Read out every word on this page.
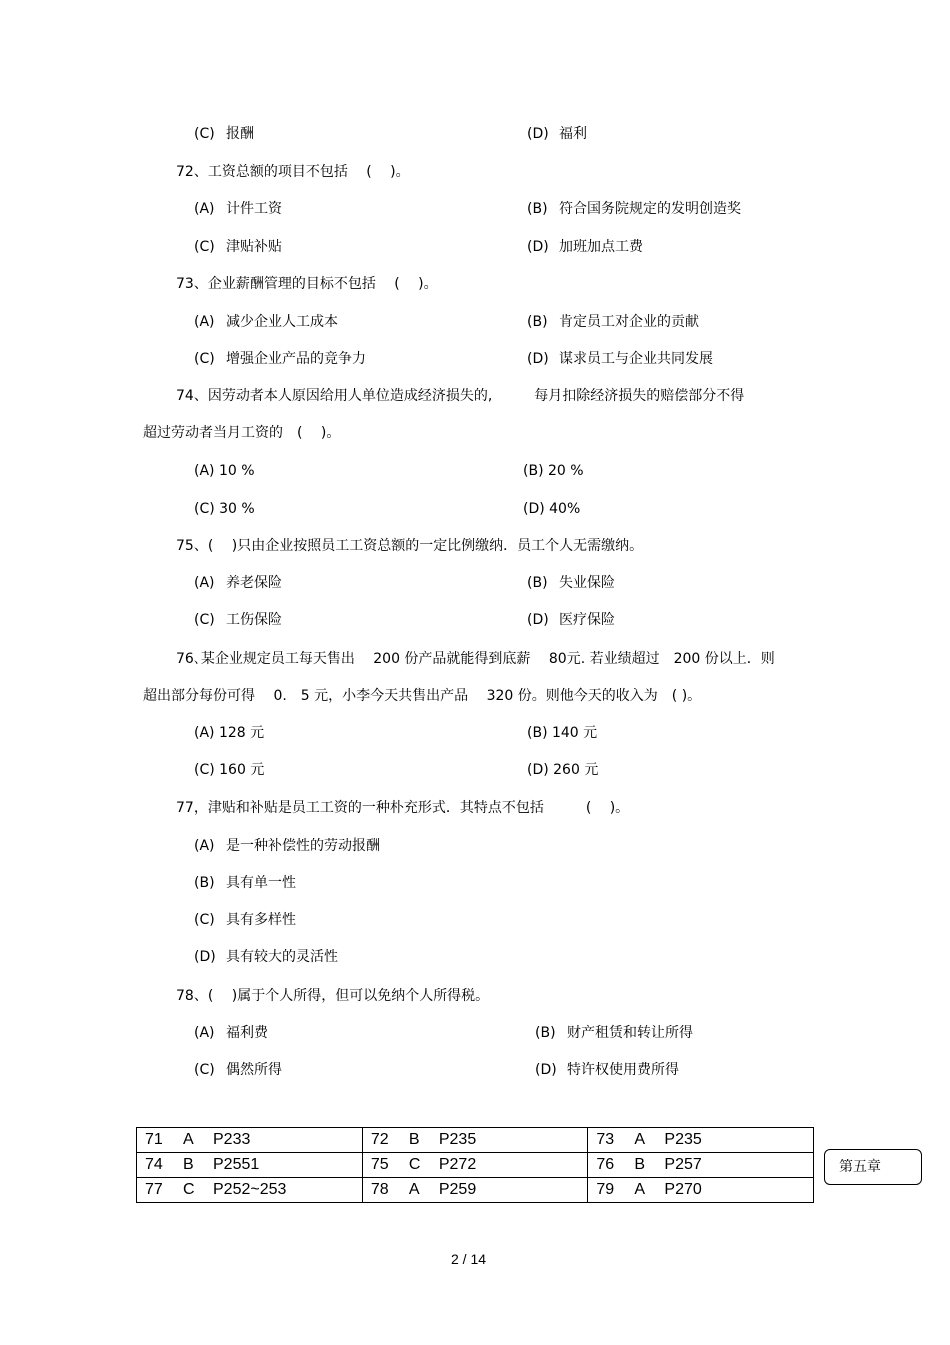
(C) 报酬	(D) 福利
72、工资总额的项目不包括　 (　 )。
(A) 计件工资	(B) 符合国务院规定的发明创造奖
(C) 津贴补贴	(D) 加班加点工费
73、企业薪酬管理的目标不包括　 (　 )。
(A) 减少企业人工成本	(B) 肯定员工对企业的贡献
(C) 增强企业产品的竞争力	(D) 谋求员工与企业共同发展
74、因劳动者本人原因给用人单位造成经济损失的,　　　每月扣除经济损失的赔偿部分不得
超过劳动者当月工资的　(　 )。
(A) 10 %	(B) 20 %
(C) 30 %	(D) 40%
75、(　 )只由企业按照员工工资总额的一定比例缴纳．员工个人无需缴纳。
(A) 养老保险	(B) 失业保险
(C) 工伤保险	(D) 医疗保险
76､某企业规定员工每天售出　 200 份产品就能得到底薪　 80元. 若业绩超过　200 份以上．则
超出部分每份可得　 0.　5 元，小李今天共售出产品　 320 份。则他今天的收入为　( )。
(A) 128 元	(B) 140 元
(C) 160 元	(D) 260 元
77，津贴和补贴是员工工资的一种朴充形式．其特点不包括　　　(　 )。
(A) 是一种补偿性的劳动报酬
(B) 具有单一性
(C) 具有多样性
(D) 具有较大的灵活性
78、(　 )属于个人所得，但可以免纳个人所得税。
(A) 福利费	(B) 财产租赁和转让所得
(C) 偶然所得	(D) 特许权使用费所得
71 A P233	72 B P235	73 A P235
74 B P2551	75 C P272	76 B P257
77 C P252~253	78 A P259	79 A P270
第五章
2 / 14
